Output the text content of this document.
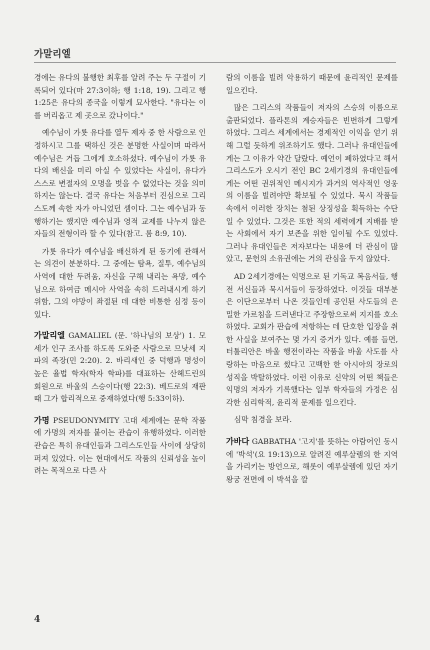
가말리엘

경에는 유다의 불행한 최후를 알려 주는 두 구절이 기록되어 있다(마 27:3이하; 행 1:18, 19). 그리고 행 1:25은 유다의 종국을 이렇게 묘사한다. "유다는 이를 버리옵고 제 곳으로 갔나이다."

예수님이 가룟 유다를 열두 제자 중 한 사람으로 인정하시고 그를 택하신 것은 분명한 사실이며 따라서 예수님은 거듭 그에게 호소하셨다. 예수님이 가룟 유다의 배신을 미리 아실 수 있었다는 사실이, 유다가 스스로 변절자의 오명을 벗을 수 없었다는 것을 의미하지는 않는다. 결국 유다는 처음부터 진심으로 그리스도께 속한 자가 아니었던 셈이다. 그는 예수님과 동행하기는 했지만 예수님과 영적 교제를 나누지 않은 자들의 전형이라 할 수 있다(참고. 롬 8:9, 10).

가룟 유다가 예수님을 배신하게 된 동기에 관해서는 의견이 분분하다. 그 중에는 탐욕, 질투, 예수님의 사역에 대한 두려움, 자신을 구해 내리는 욕망, 예수님으로 하여금 메시아 사역을 속히 드러내시게 하기 위함, 그의 야망이 좌절된 데 대한 비통한 심정 등이 있다.

가말리엘 GAMALIEL (문. '하나님의 보상') 1. 모세가 인구 조사를 하도록 도와준 사람으로 므낫세 지파의 족장(민 2:20). 2. 바리새인 중 덕행과 명성이 높은 율법 학자(학자 학파)를 대표하는 산헤드린의 회원으로 바울의 스승이다(행 22:3). 베드로의 재판 때 그가 합리적으로 중재하였다(행 5:33이하).

가명 PSEUDONYMITY 고대 세계에는 문학 작품에 가명의 저자를 붙이는 관습이 유행하였다. 이러한 관습은 특히 유대인들과 그리스도인들 사이에 상당히 퍼져 있었다. 이는 현대에서도 작품의 신뢰성을 높이려는 목적으로 다른 사

람의 이름을 빌려 악용하기 때문에 윤리적인 문제를 일으킨다.

많은 그리스의 작품들이 저자의 스승의 이름으로 출판되었다. 플라톤의 계승자들은 빈번하게 그렇게 하였다. 그리스 세계에서는 경제적인 이익을 얻기 위해 그럴 듯하게 위조하기도 했다. 그러나 유대인들에게는 그 이유가 약간 달랐다. 예언이 폐하였다고 해서 그리스도가 오시기 전인 BC 2세기경의 유대인들에게는 어떤 권위적인 메시지가 과거의 역사적인 영웅의 이름을 빌려야만 확보될 수 있었다. 묵시 작품들 속에서 이러한 장치는 첨된 상징성을 획득하는 수단일 수 있었다. 그것은 또한 적의 세력에게 지배를 받는 사회에서 자기 보존을 위한 일이될 수도 있었다. 그러나 유대인들은 저자보다는 내용에 더 관심이 많았고, 문헌의 소유권에는 거의 관심을 두지 않았다.

AD 2세기경에는 익명으로 된 기독교 복음서들, 행전 서신들과 묵시서들이 등장하였다. 이것들 대부분은 이단으로부터 나온 것들인데 공인된 사도들의 은밀한 가르침을 드러낸다고 주장함으로써 지지를 호소하였다. 교회가 판습에 저항하는 데 단호한 입장을 취한 사실을 보여주는 몇 가지 증거가 있다. 예를 들면, 터툴리안은 바울 행전이라는 작품을 바울 사도를 사랑하는 마음으로 썼다고 고백한 한 아시아의 장로의 성직을 박탈하였다. 이런 이유로 신약의 어떤 책들은 익명의 저자가 기록했다는 일부 학자들의 가정은 심각한 심리학적, 윤리적 문제를 일으킨다.

심막 침경을 보라.

가바다 GABBATHA '고지'를 뜻하는 아람어인 동시에 '박석'(요 19:13)으로 알려진 예루살렘의 한 지역을 가리키는 방언으로, 해롯이 예루살렘에 있던 자기 왕궁 전면에 이 박석을 깔

4
